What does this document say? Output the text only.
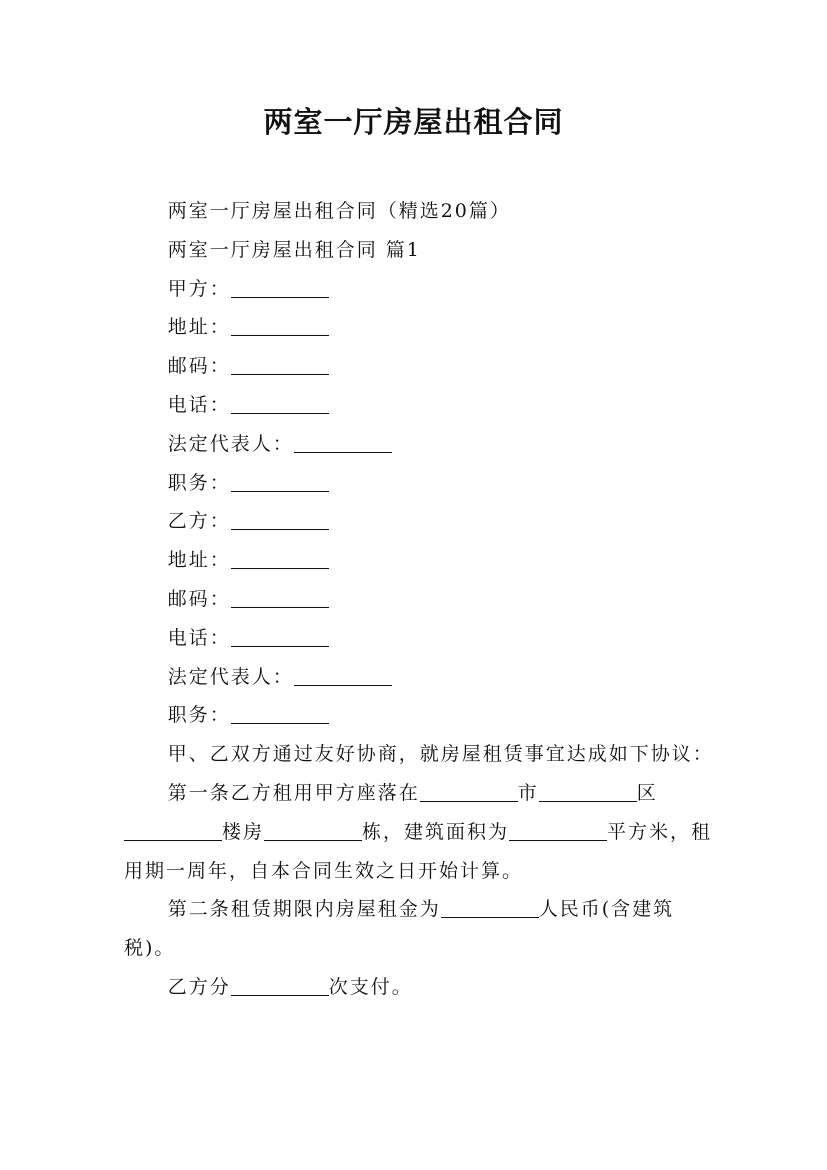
两室一厅房屋出租合同

两室一厅房屋出租合同（精选20篇）

两室一厅房屋出租合同 篇1

甲方：

地址：

邮码：

电话：

法定代表人：

职务：

乙方：

地址：

邮码：

电话：

法定代表人：

职务：

甲、乙双方通过友好协商，就房屋租赁事宜达成如下协议：

第一条乙方租用甲方座落在	市	区楼房	栋，建筑面积为	平方米，租用期一周年，自本合同生效之日开始计算。

第二条租赁期限内房屋租金为	人民币(含建筑税)。

乙方分	次支付。
